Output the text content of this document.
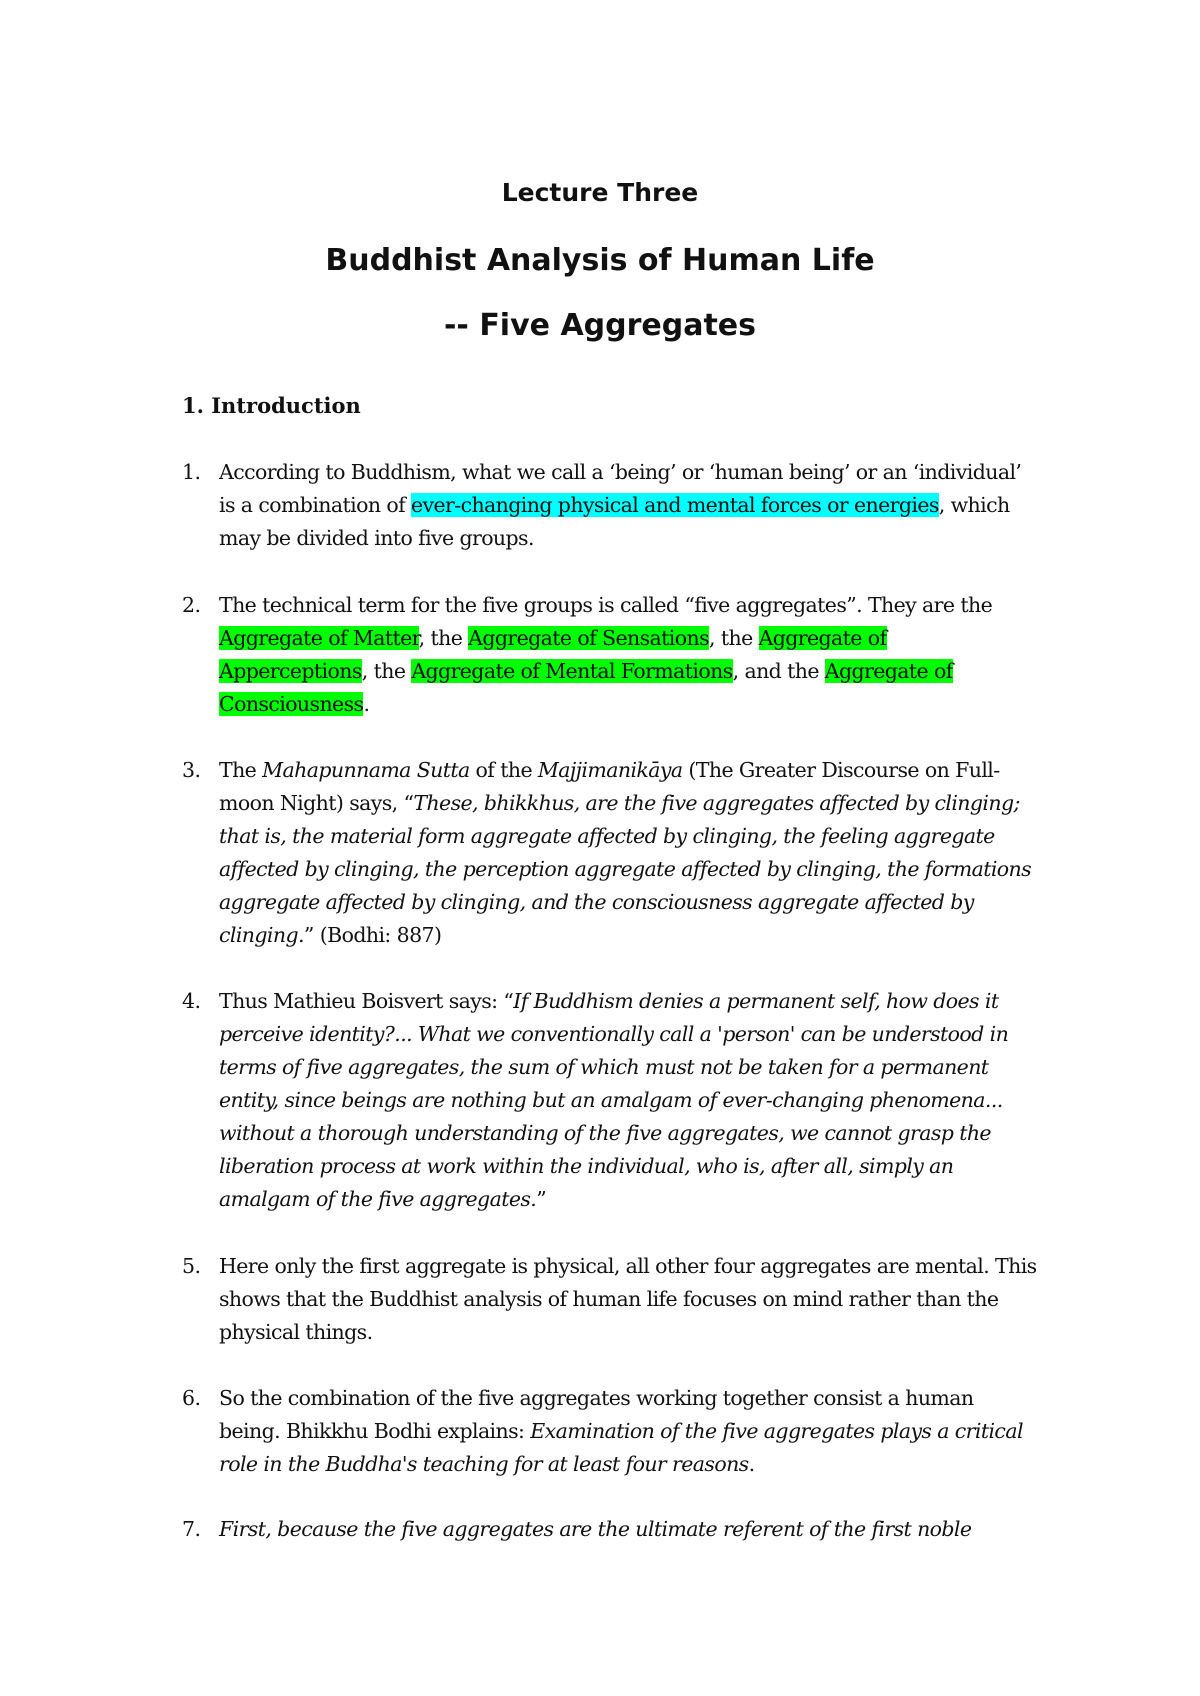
Lecture Three
Buddhist Analysis of Human Life
-- Five Aggregates
1. Introduction
1. According to Buddhism, what we call a ‘being’ or ‘human being’ or an ‘individual’ is a combination of ever-changing physical and mental forces or energies, which may be divided into five groups.
2. The technical term for the five groups is called “five aggregates”. They are the Aggregate of Matter, the Aggregate of Sensations, the Aggregate of Apperceptions, the Aggregate of Mental Formations, and the Aggregate of Consciousness.
3. The Mahapunnama Sutta of the Majjimanikāya (The Greater Discourse on Full-moon Night) says, “These, bhikkhus, are the five aggregates affected by clinging; that is, the material form aggregate affected by clinging, the feeling aggregate affected by clinging, the perception aggregate affected by clinging, the formations aggregate affected by clinging, and the consciousness aggregate affected by clinging.” (Bodhi: 887)
4. Thus Mathieu Boisvert says: “If Buddhism denies a permanent self, how does it perceive identity?... What we conventionally call a 'person' can be understood in terms of five aggregates, the sum of which must not be taken for a permanent entity, since beings are nothing but an amalgam of ever-changing phenomena... without a thorough understanding of the five aggregates, we cannot grasp the liberation process at work within the individual, who is, after all, simply an amalgam of the five aggregates.”
5. Here only the first aggregate is physical, all other four aggregates are mental. This shows that the Buddhist analysis of human life focuses on mind rather than the physical things.
6. So the combination of the five aggregates working together consist a human being. Bhikkhu Bodhi explains: Examination of the five aggregates plays a critical role in the Buddha's teaching for at least four reasons.
7. First, because the five aggregates are the ultimate referent of the first noble
